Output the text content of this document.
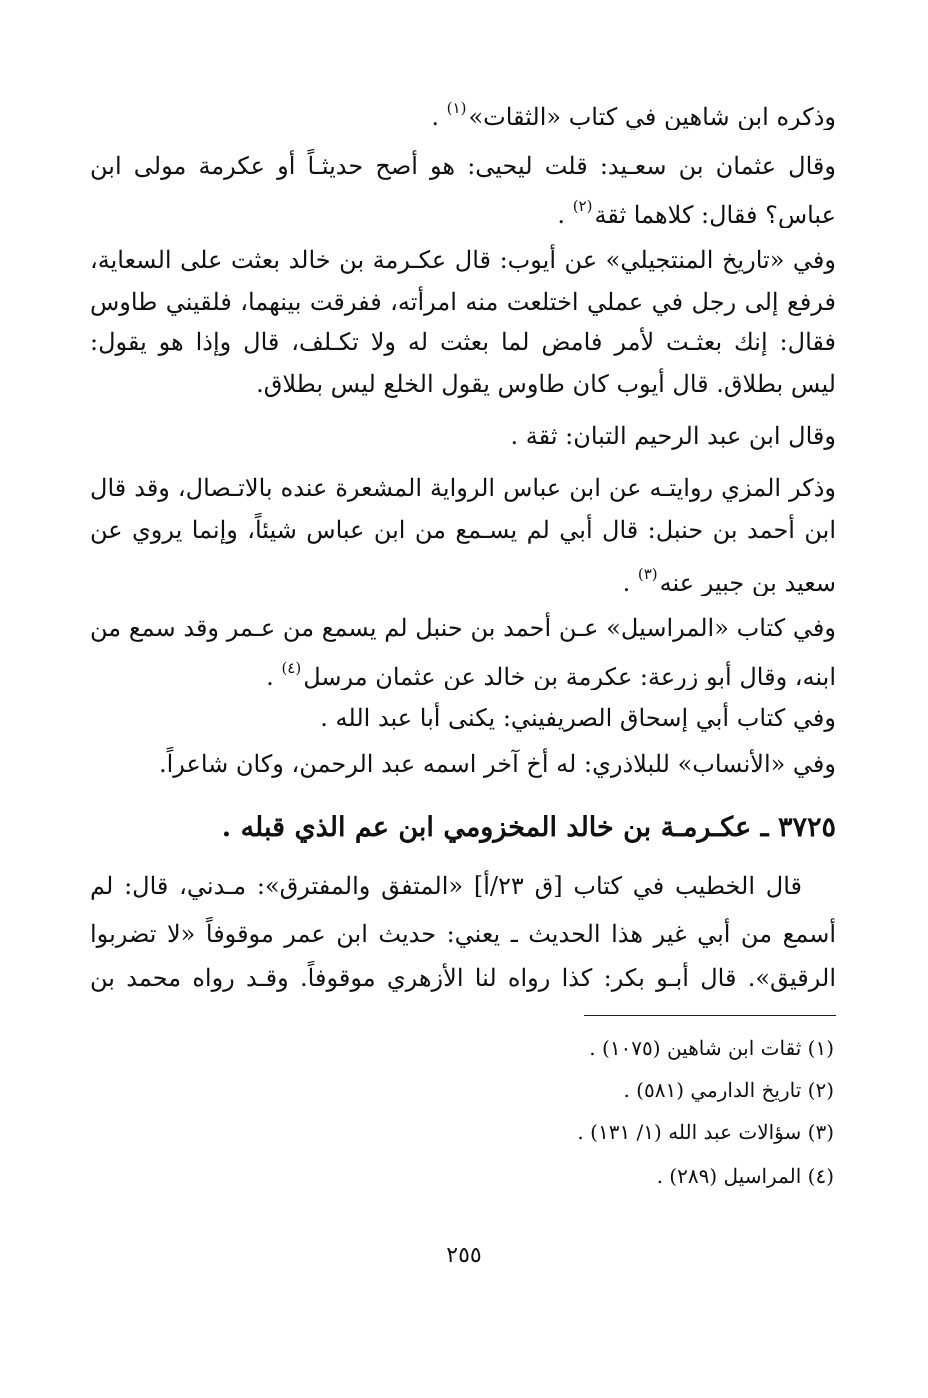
وذكره ابن شاهين في كتاب «الثقات»$^{(١)}$ .
وقال عثمان بن سعـيد: قلت ليحيى: هو أصح حديثـاً أو عكرمة مولى ابن
عباس؟ فقال: كلاهما ثقة$^{(٢)}$ .
وفي «تاريخ المنتجيلي» عن أيوب: قال عكـرمة بن خالد بعثت على السعاية،
فرفع إلى رجل في عملي اختلعت منه امرأته، ففرقت بينهما، فلقيني طاوس
فقال: إنك بعثـت لأمر فامض لما بعثت له ولا تكـلف، قال وإذا هو يقول:
ليس بطلاق. قال أيوب كان طاوس يقول الخلع ليس بطلاق.
وقال ابن عبد الرحيم التبان: ثقة .
وذكر المزي روايتـه عن ابن عباس الرواية المشعرة عنده بالاتـصال، وقد قال
ابن أحمد بن حنبل: قال أبي لم يسـمع من ابن عباس شيئاً، وإنما يروي عن
سعيد بن جبير عنه$^{(٣)}$ .
وفي كتاب «المراسيل» عـن أحمد بن حنبل لم يسمع من عـمر وقد سمع من
ابنه، وقال أبو زرعة: عكرمة بن خالد عن عثمان مرسل$^{(٤)}$ .
وفي كتاب أبي إسحاق الصريفيني: يكنى أبا عبد الله .
وفي «الأنساب» للبلاذري: له أخ آخر اسمه عبد الرحمن، وكان شاعراً.
٣٧٢٥ ـ عكـرمـة بن خالد المخزومي ابن عم الذي قبله .
قال الخطيب في كتاب [ق ٢٣/أ] «المتفق والمفترق»: مـدني، قال: لم
أسمع من أبي غير هذا الحديث ـ يعني: حديث ابن عمر موقوفاً «لا تضربوا
الرقيق». قال أبـو بكر: كذا رواه لنا الأزهري موقوفاً. وقـد رواه محمد بن
(١) ثقات ابن شاهين (١٠٧٥) .
(٢) تاريخ الدارمي (٥٨١) .
(٣) سؤالات عبد الله (١/ ١٣١) .
(٤) المراسيل (٢٨٩) .
٢٥٥
